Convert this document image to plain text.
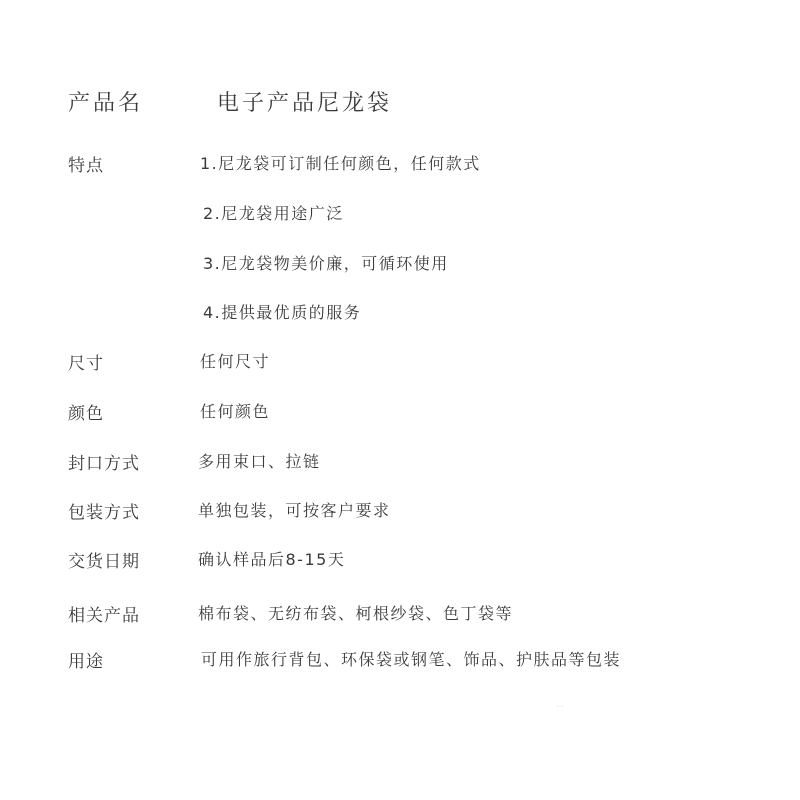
产品名	电子产品尼龙袋
特点	1.尼龙袋可订制任何颜色，任何款式
2.尼龙袋用途广泛
3.尼龙袋物美价廉，可循环使用
4.提供最优质的服务
尺寸	任何尺寸
颜色	任何颜色
封口方式	多用束口、拉链
包装方式	单独包装，可按客户要求
交货日期	确认样品后8-15天
相关产品	棉布袋、无纺布袋、柯根纱袋、色丁袋等
用途	可用作旅行背包、环保袋或钢笔、饰品、护肤品等包装
˙˙
